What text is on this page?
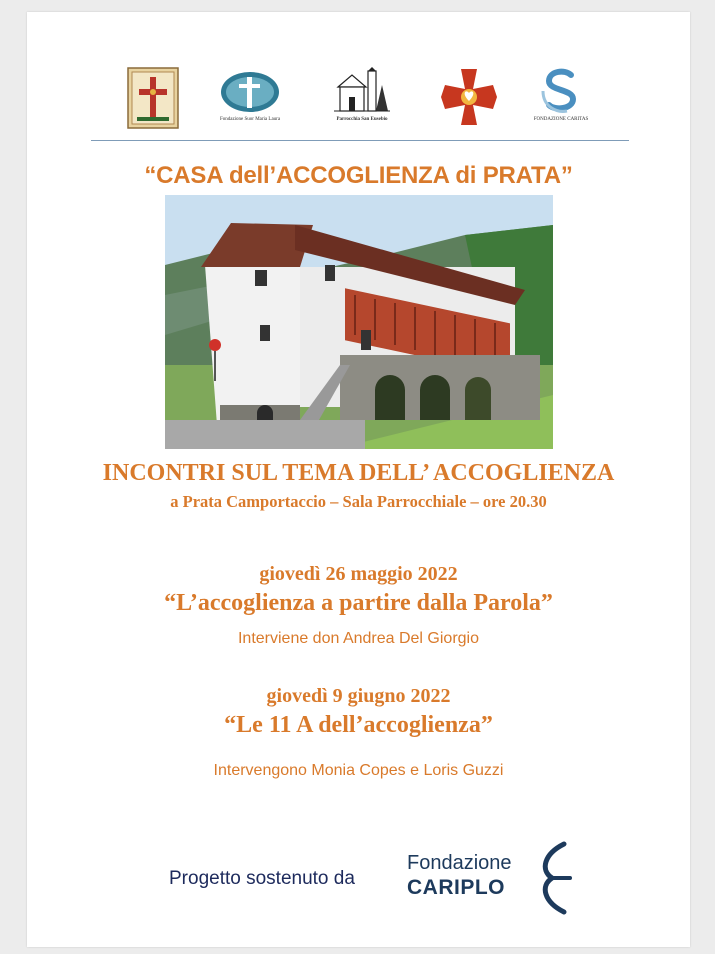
Fondazione Suor Maria Laura	Parrocchia San Eusebio	FONDAZIONE CARITAS
“CASA dell’ACCOGLIENZA di PRATA”
INCONTRI SUL TEMA DELL’ ACCOGLIENZA
a Prata Camportaccio – Sala Parrocchiale – ore 20.30
giovedì 26 maggio 2022
“L’accoglienza a partire dalla Parola”
Interviene don Andrea Del Giorgio
giovedì 9 giugno 2022
“Le 11 A dell’accoglienza”
Intervengono Monia Copes e Loris Guzzi
Progetto sostenuto da
Fondazione
CARIPLO
